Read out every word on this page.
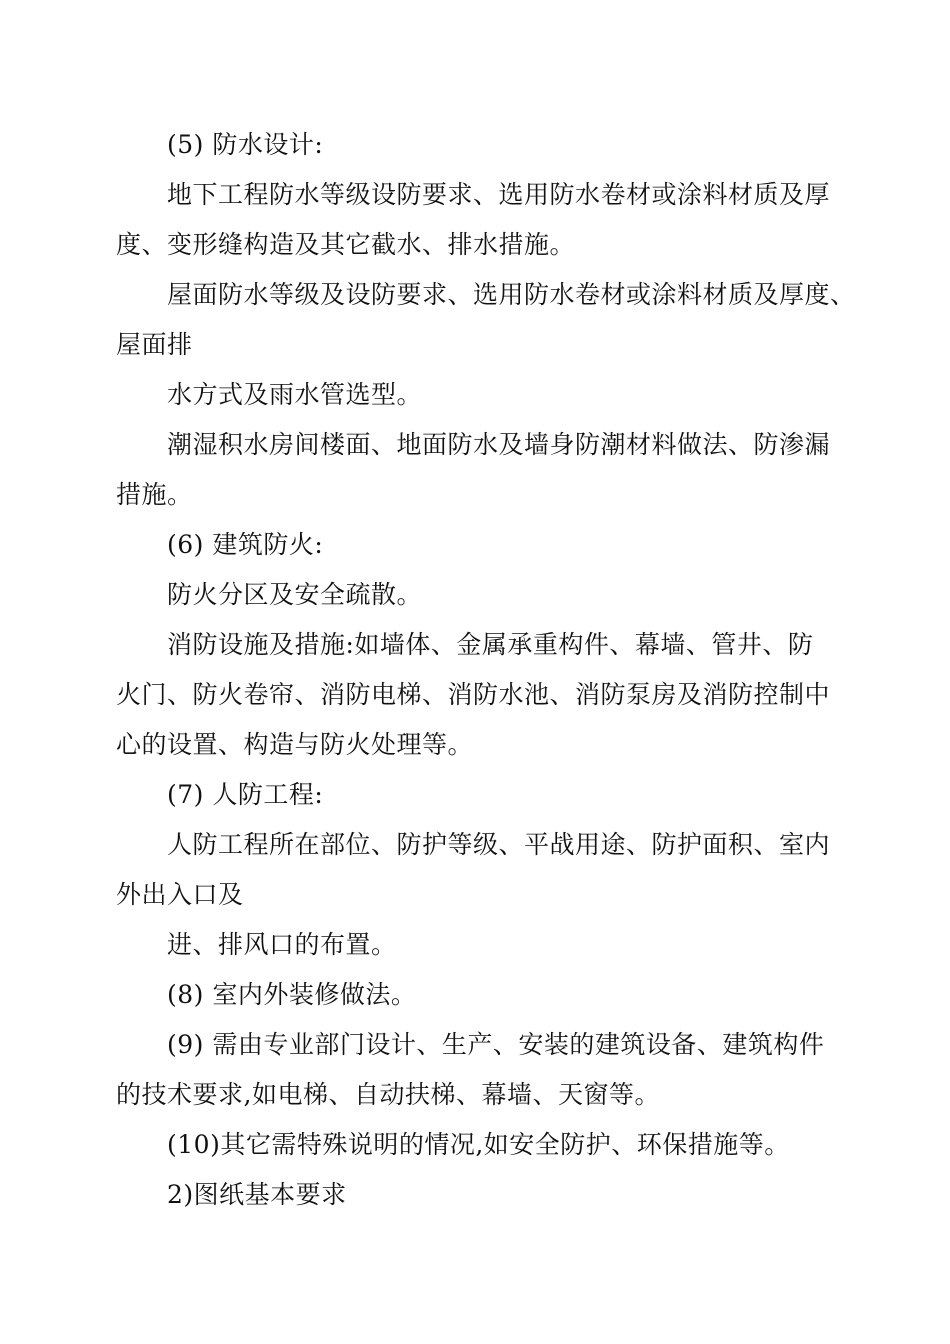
(5) 防水设计:

地下工程防水等级设防要求、选用防水卷材或涂料材质及厚

度、变形缝构造及其它截水、排水措施。

屋面防水等级及设防要求、选用防水卷材或涂料材质及厚度、

屋面排

水方式及雨水管选型。

潮湿积水房间楼面、地面防水及墙身防潮材料做法、防渗漏

措施。

(6) 建筑防火:

防火分区及安全疏散。

消防设施及措施:如墙体、金属承重构件、幕墙、管井、防

火门、防火卷帘、消防电梯、消防水池、消防泵房及消防控制中

心的设置、构造与防火处理等。

(7) 人防工程:

人防工程所在部位、防护等级、平战用途、防护面积、室内

外出入口及

进、排风口的布置。

(8) 室内外装修做法。

(9) 需由专业部门设计、生产、安装的建筑设备、建筑构件

的技术要求,如电梯、自动扶梯、幕墙、天窗等。

(10)其它需特殊说明的情况,如安全防护、环保措施等。

2)图纸基本要求
